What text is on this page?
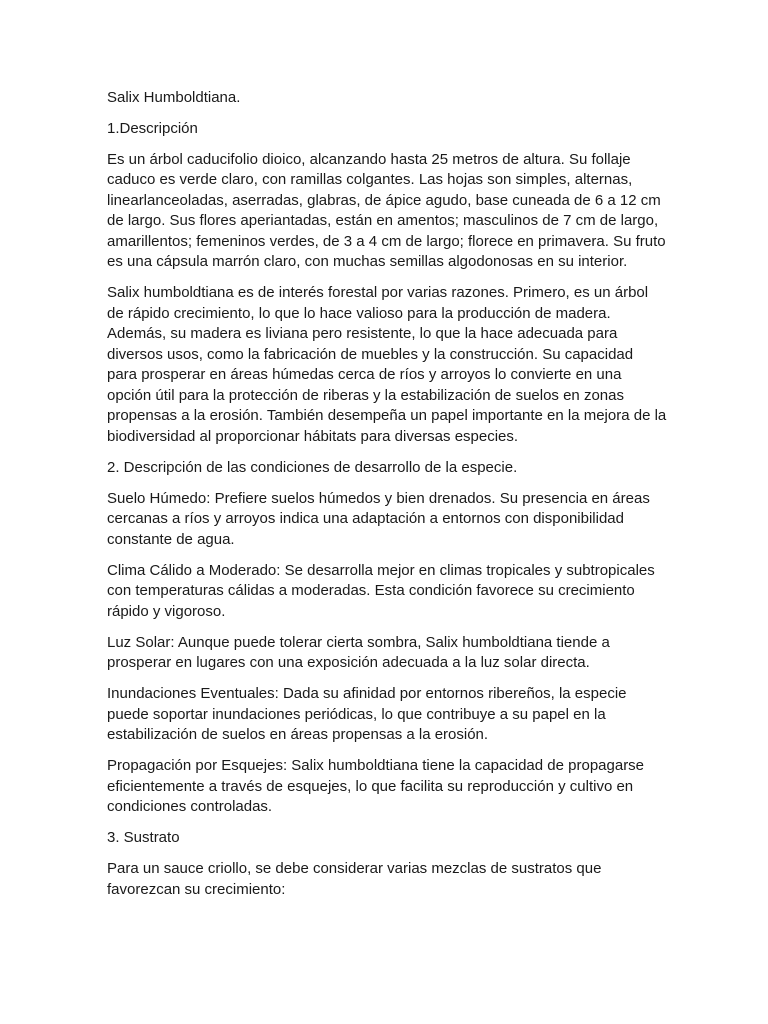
Salix Humboldtiana.

1.Descripción

Es un árbol caducifolio dioico, alcanzando hasta 25 metros de altura. Su follaje caduco es verde claro, con ramillas colgantes. Las hojas son simples, alternas, linearlanceoladas, aserradas, glabras, de ápice agudo, base cuneada de 6 a 12 cm de largo. Sus flores aperiantadas, están en amentos; masculinos de 7 cm de largo, amarillentos; femeninos verdes, de 3 a 4 cm de largo; florece en primavera. Su fruto es una cápsula marrón claro, con muchas semillas algodonosas en su interior.

Salix humboldtiana es de interés forestal por varias razones. Primero, es un árbol de rápido crecimiento, lo que lo hace valioso para la producción de madera. Además, su madera es liviana pero resistente, lo que la hace adecuada para diversos usos, como la fabricación de muebles y la construcción. Su capacidad para prosperar en áreas húmedas cerca de ríos y arroyos lo convierte en una opción útil para la protección de riberas y la estabilización de suelos en zonas propensas a la erosión. También desempeña un papel importante en la mejora de la biodiversidad al proporcionar hábitats para diversas especies.

2. Descripción de las condiciones de desarrollo de la especie.

Suelo Húmedo: Prefiere suelos húmedos y bien drenados. Su presencia en áreas cercanas a ríos y arroyos indica una adaptación a entornos con disponibilidad constante de agua.

Clima Cálido a Moderado: Se desarrolla mejor en climas tropicales y subtropicales con temperaturas cálidas a moderadas. Esta condición favorece su crecimiento rápido y vigoroso.

Luz Solar: Aunque puede tolerar cierta sombra, Salix humboldtiana tiende a prosperar en lugares con una exposición adecuada a la luz solar directa.

Inundaciones Eventuales: Dada su afinidad por entornos ribereños, la especie puede soportar inundaciones periódicas, lo que contribuye a su papel en la estabilización de suelos en áreas propensas a la erosión.

Propagación por Esquejes: Salix humboldtiana tiene la capacidad de propagarse eficientemente a través de esquejes, lo que facilita su reproducción y cultivo en condiciones controladas.

3. Sustrato

Para un sauce criollo, se debe considerar varias mezclas de sustratos que favorezcan su crecimiento:
